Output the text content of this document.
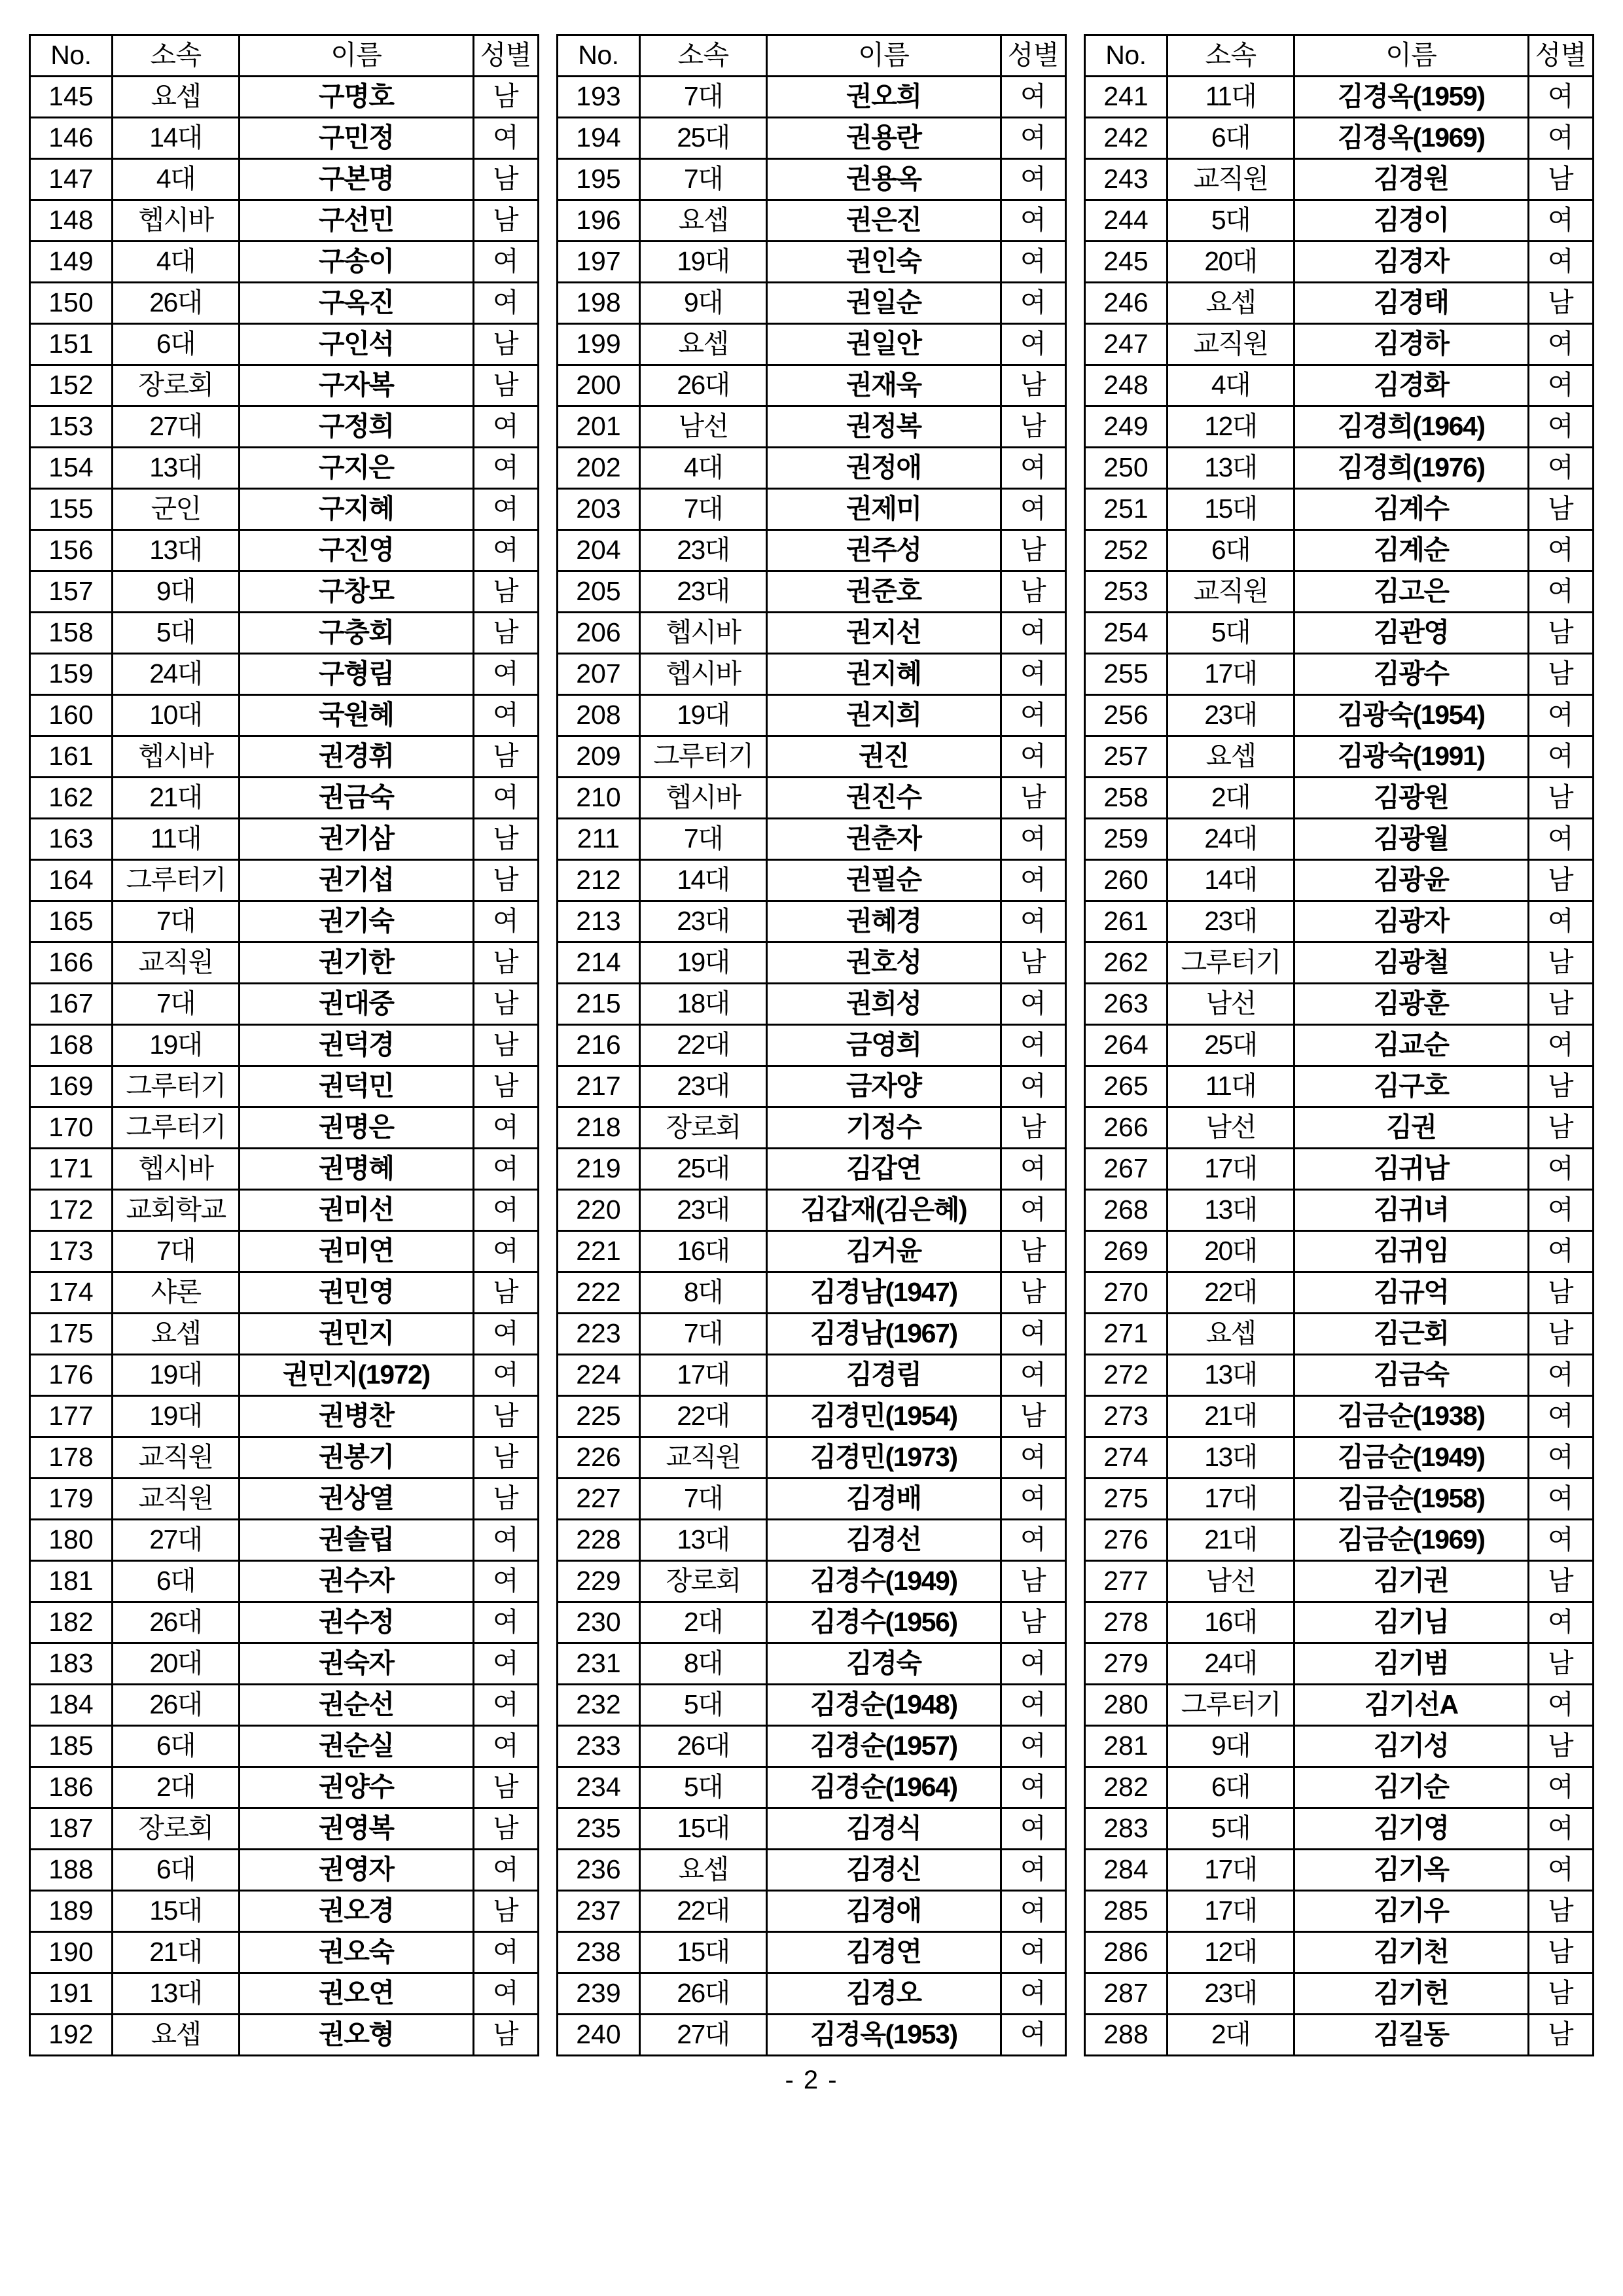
No.	소속	이름	성별
145	요셉	구명호	남
146	14대	구민정	여
147	4대	구본명	남
148	헵시바	구선민	남
149	4대	구송이	여
150	26대	구옥진	여
151	6대	구인석	남
152	장로회	구자복	남
153	27대	구정희	여
154	13대	구지은	여
155	군인	구지혜	여
156	13대	구진영	여
157	9대	구창모	남
158	5대	구충회	남
159	24대	구형림	여
160	10대	국원혜	여
161	헵시바	권경휘	남
162	21대	권금숙	여
163	11대	권기삼	남
164	그루터기	권기섭	남
165	7대	권기숙	여
166	교직원	권기한	남
167	7대	권대중	남
168	19대	권덕경	남
169	그루터기	권덕민	남
170	그루터기	권명은	여
171	헵시바	권명혜	여
172	교회학교	권미선	여
173	7대	권미연	여
174	샤론	권민영	남
175	요셉	권민지	여
176	19대	권민지(1972)	여
177	19대	권병찬	남
178	교직원	권봉기	남
179	교직원	권상열	남
180	27대	권솔립	여
181	6대	권수자	여
182	26대	권수정	여
183	20대	권숙자	여
184	26대	권순선	여
185	6대	권순실	여
186	2대	권양수	남
187	장로회	권영복	남
188	6대	권영자	여
189	15대	권오경	남
190	21대	권오숙	여
191	13대	권오연	여
192	요셉	권오형	남
No.	소속	이름	성별
193	7대	권오희	여
194	25대	권용란	여
195	7대	권용옥	여
196	요셉	권은진	여
197	19대	권인숙	여
198	9대	권일순	여
199	요셉	권일안	여
200	26대	권재욱	남
201	남선	권정복	남
202	4대	권정애	여
203	7대	권제미	여
204	23대	권주성	남
205	23대	권준호	남
206	헵시바	권지선	여
207	헵시바	권지혜	여
208	19대	권지희	여
209	그루터기	권진	여
210	헵시바	권진수	남
211	7대	권춘자	여
212	14대	권필순	여
213	23대	권혜경	여
214	19대	권호성	남
215	18대	권희성	여
216	22대	금영희	여
217	23대	금자양	여
218	장로회	기정수	남
219	25대	김갑연	여
220	23대	김갑재(김은혜)	여
221	16대	김거윤	남
222	8대	김경남(1947)	남
223	7대	김경남(1967)	여
224	17대	김경림	여
225	22대	김경민(1954)	남
226	교직원	김경민(1973)	여
227	7대	김경배	여
228	13대	김경선	여
229	장로회	김경수(1949)	남
230	2대	김경수(1956)	남
231	8대	김경숙	여
232	5대	김경순(1948)	여
233	26대	김경순(1957)	여
234	5대	김경순(1964)	여
235	15대	김경식	여
236	요셉	김경신	여
237	22대	김경애	여
238	15대	김경연	여
239	26대	김경오	여
240	27대	김경옥(1953)	여
No.	소속	이름	성별
241	11대	김경옥(1959)	여
242	6대	김경옥(1969)	여
243	교직원	김경원	남
244	5대	김경이	여
245	20대	김경자	여
246	요셉	김경태	남
247	교직원	김경하	여
248	4대	김경화	여
249	12대	김경희(1964)	여
250	13대	김경희(1976)	여
251	15대	김계수	남
252	6대	김계순	여
253	교직원	김고은	여
254	5대	김관영	남
255	17대	김광수	남
256	23대	김광숙(1954)	여
257	요셉	김광숙(1991)	여
258	2대	김광원	남
259	24대	김광월	여
260	14대	김광윤	남
261	23대	김광자	여
262	그루터기	김광철	남
263	남선	김광훈	남
264	25대	김교순	여
265	11대	김구호	남
266	남선	김권	남
267	17대	김귀남	여
268	13대	김귀녀	여
269	20대	김귀임	여
270	22대	김규억	남
271	요셉	김근회	남
272	13대	김금숙	여
273	21대	김금순(1938)	여
274	13대	김금순(1949)	여
275	17대	김금순(1958)	여
276	21대	김금순(1969)	여
277	남선	김기권	남
278	16대	김기님	여
279	24대	김기범	남
280	그루터기	김기선A	여
281	9대	김기성	남
282	6대	김기순	여
283	5대	김기영	여
284	17대	김기옥	여
285	17대	김기우	남
286	12대	김기천	남
287	23대	김기헌	남
288	2대	김길동	남
- 2 -
